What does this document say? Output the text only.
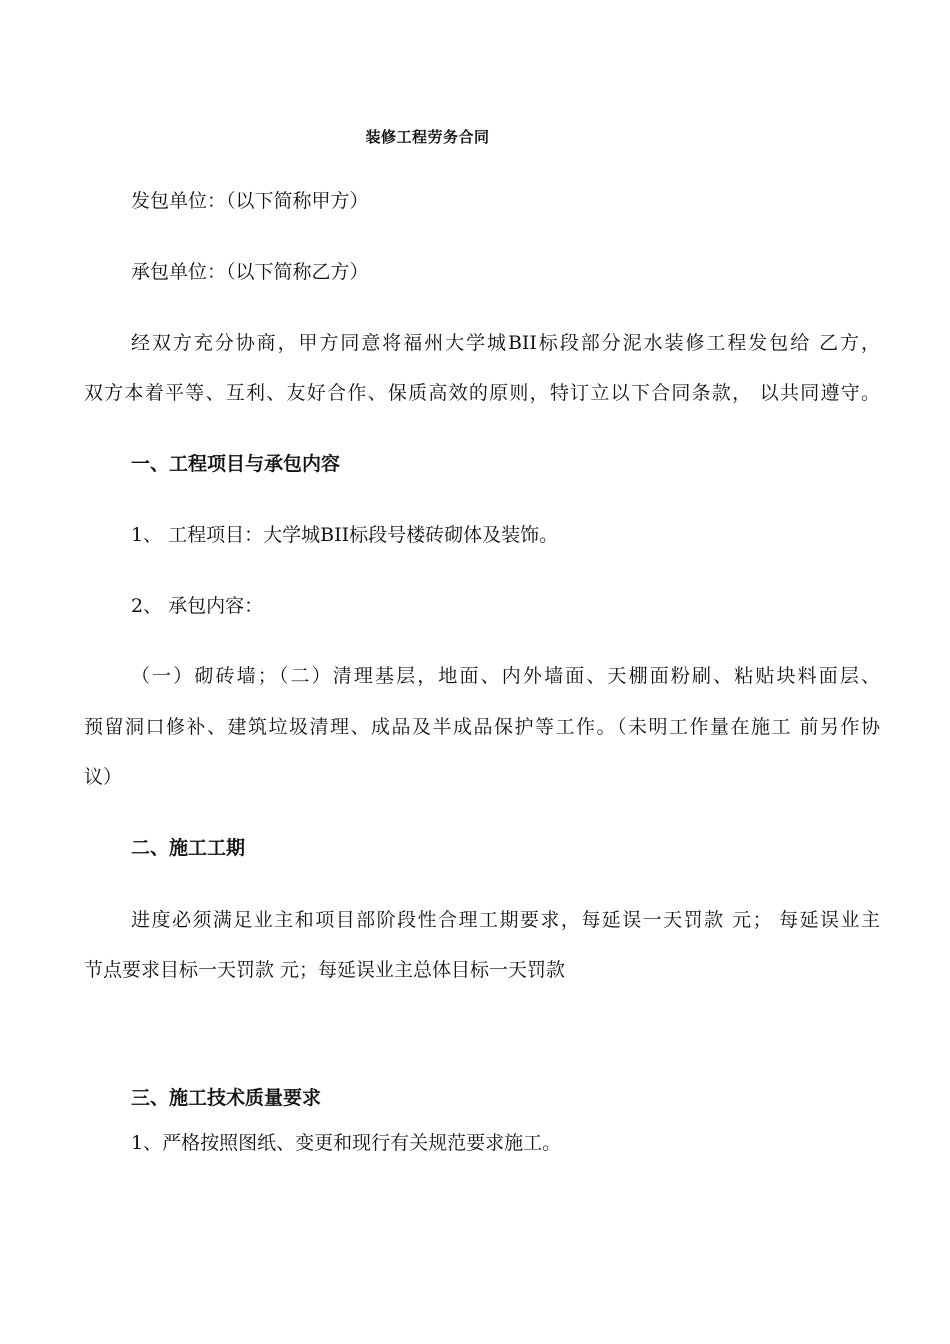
装修工程劳务合同
发包单位：（以下简称甲方）
承包单位：（以下简称乙方）
经双方充分协商，甲方同意将福州大学城BII标段部分泥水装修工程发包给 乙方，
双方本着平等、互利、友好合作、保质高效的原则，特订立以下合同条款， 以共同遵守。
一、工程项目与承包内容
1、 工程项目：大学城BII标段号楼砖砌体及装饰。
2、 承包内容：
（一）砌砖墙；（二）清理基层，地面、内外墙面、天棚面粉刷、粘贴块料面层、
预留洞口修补、建筑垃圾清理、成品及半成品保护等工作。（未明工作量在施工 前另作协
议）
二、施工工期
进度必须满足业主和项目部阶段性合理工期要求，每延误一天罚款 元； 每延误业主
节点要求目标一天罚款 元；每延误业主总体目标一天罚款
三、施工技术质量要求
1、严格按照图纸、变更和现行有关规范要求施工。
